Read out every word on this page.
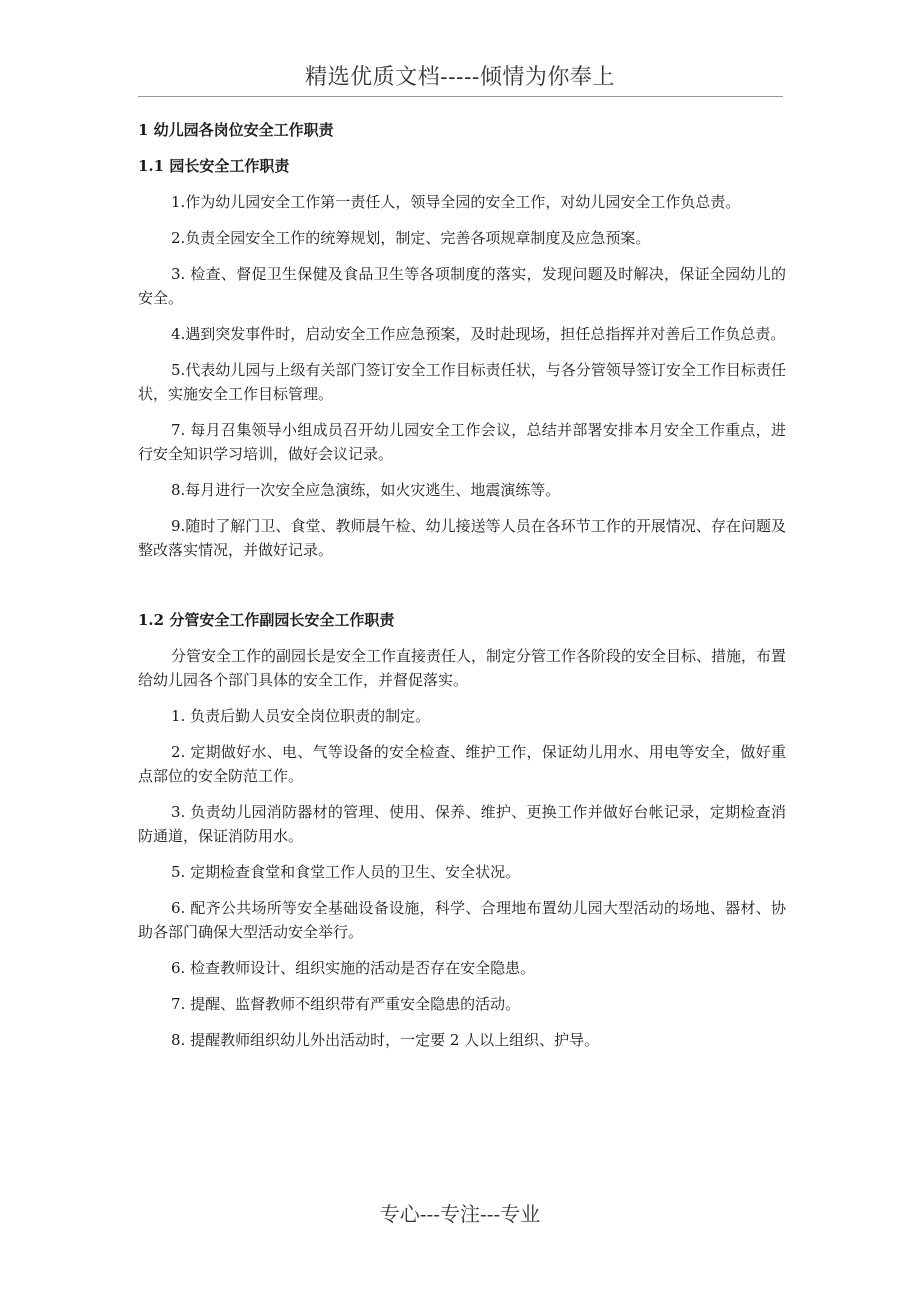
精选优质文档-----倾情为你奉上
1 幼儿园各岗位安全工作职责
1.1 园长安全工作职责

1.作为幼儿园安全工作第一责任人，领导全园的安全工作，对幼儿园安全工作负总责。

2.负责全园安全工作的统筹规划，制定、完善各项规章制度及应急预案。

3. 检查、督促卫生保健及食品卫生等各项制度的落实，发现问题及时解决，保证全园幼儿的安全。

4.遇到突发事件时，启动安全工作应急预案，及时赴现场，担任总指挥并对善后工作负总责。

5.代表幼儿园与上级有关部门签订安全工作目标责任状，与各分管领导签订安全工作目标责任状，实施安全工作目标管理。

7. 每月召集领导小组成员召开幼儿园安全工作会议，总结并部署安排本月安全工作重点，进行安全知识学习培训，做好会议记录。

8.每月进行一次安全应急演练，如火灾逃生、地震演练等。

9.随时了解门卫、食堂、教师晨午检、幼儿接送等人员在各环节工作的开展情况、存在问题及整改落实情况，并做好记录。

1.2 分管安全工作副园长安全工作职责

分管安全工作的副园长是安全工作直接责任人，制定分管工作各阶段的安全目标、措施，布置给幼儿园各个部门具体的安全工作，并督促落实。

1. 负责后勤人员安全岗位职责的制定。

2. 定期做好水、电、气等设备的安全检查、维护工作，保证幼儿用水、用电等安全，做好重点部位的安全防范工作。

3. 负责幼儿园消防器材的管理、使用、保养、维护、更换工作并做好台帐记录，定期检查消防通道，保证消防用水。

5. 定期检查食堂和食堂工作人员的卫生、安全状况。

6. 配齐公共场所等安全基础设备设施，科学、合理地布置幼儿园大型活动的场地、器材、协助各部门确保大型活动安全举行。

6. 检查教师设计、组织实施的活动是否存在安全隐患。

7. 提醒、监督教师不组织带有严重安全隐患的活动。

8. 提醒教师组织幼儿外出活动时，一定要 2 人以上组织、护导。

专心---专注---专业
